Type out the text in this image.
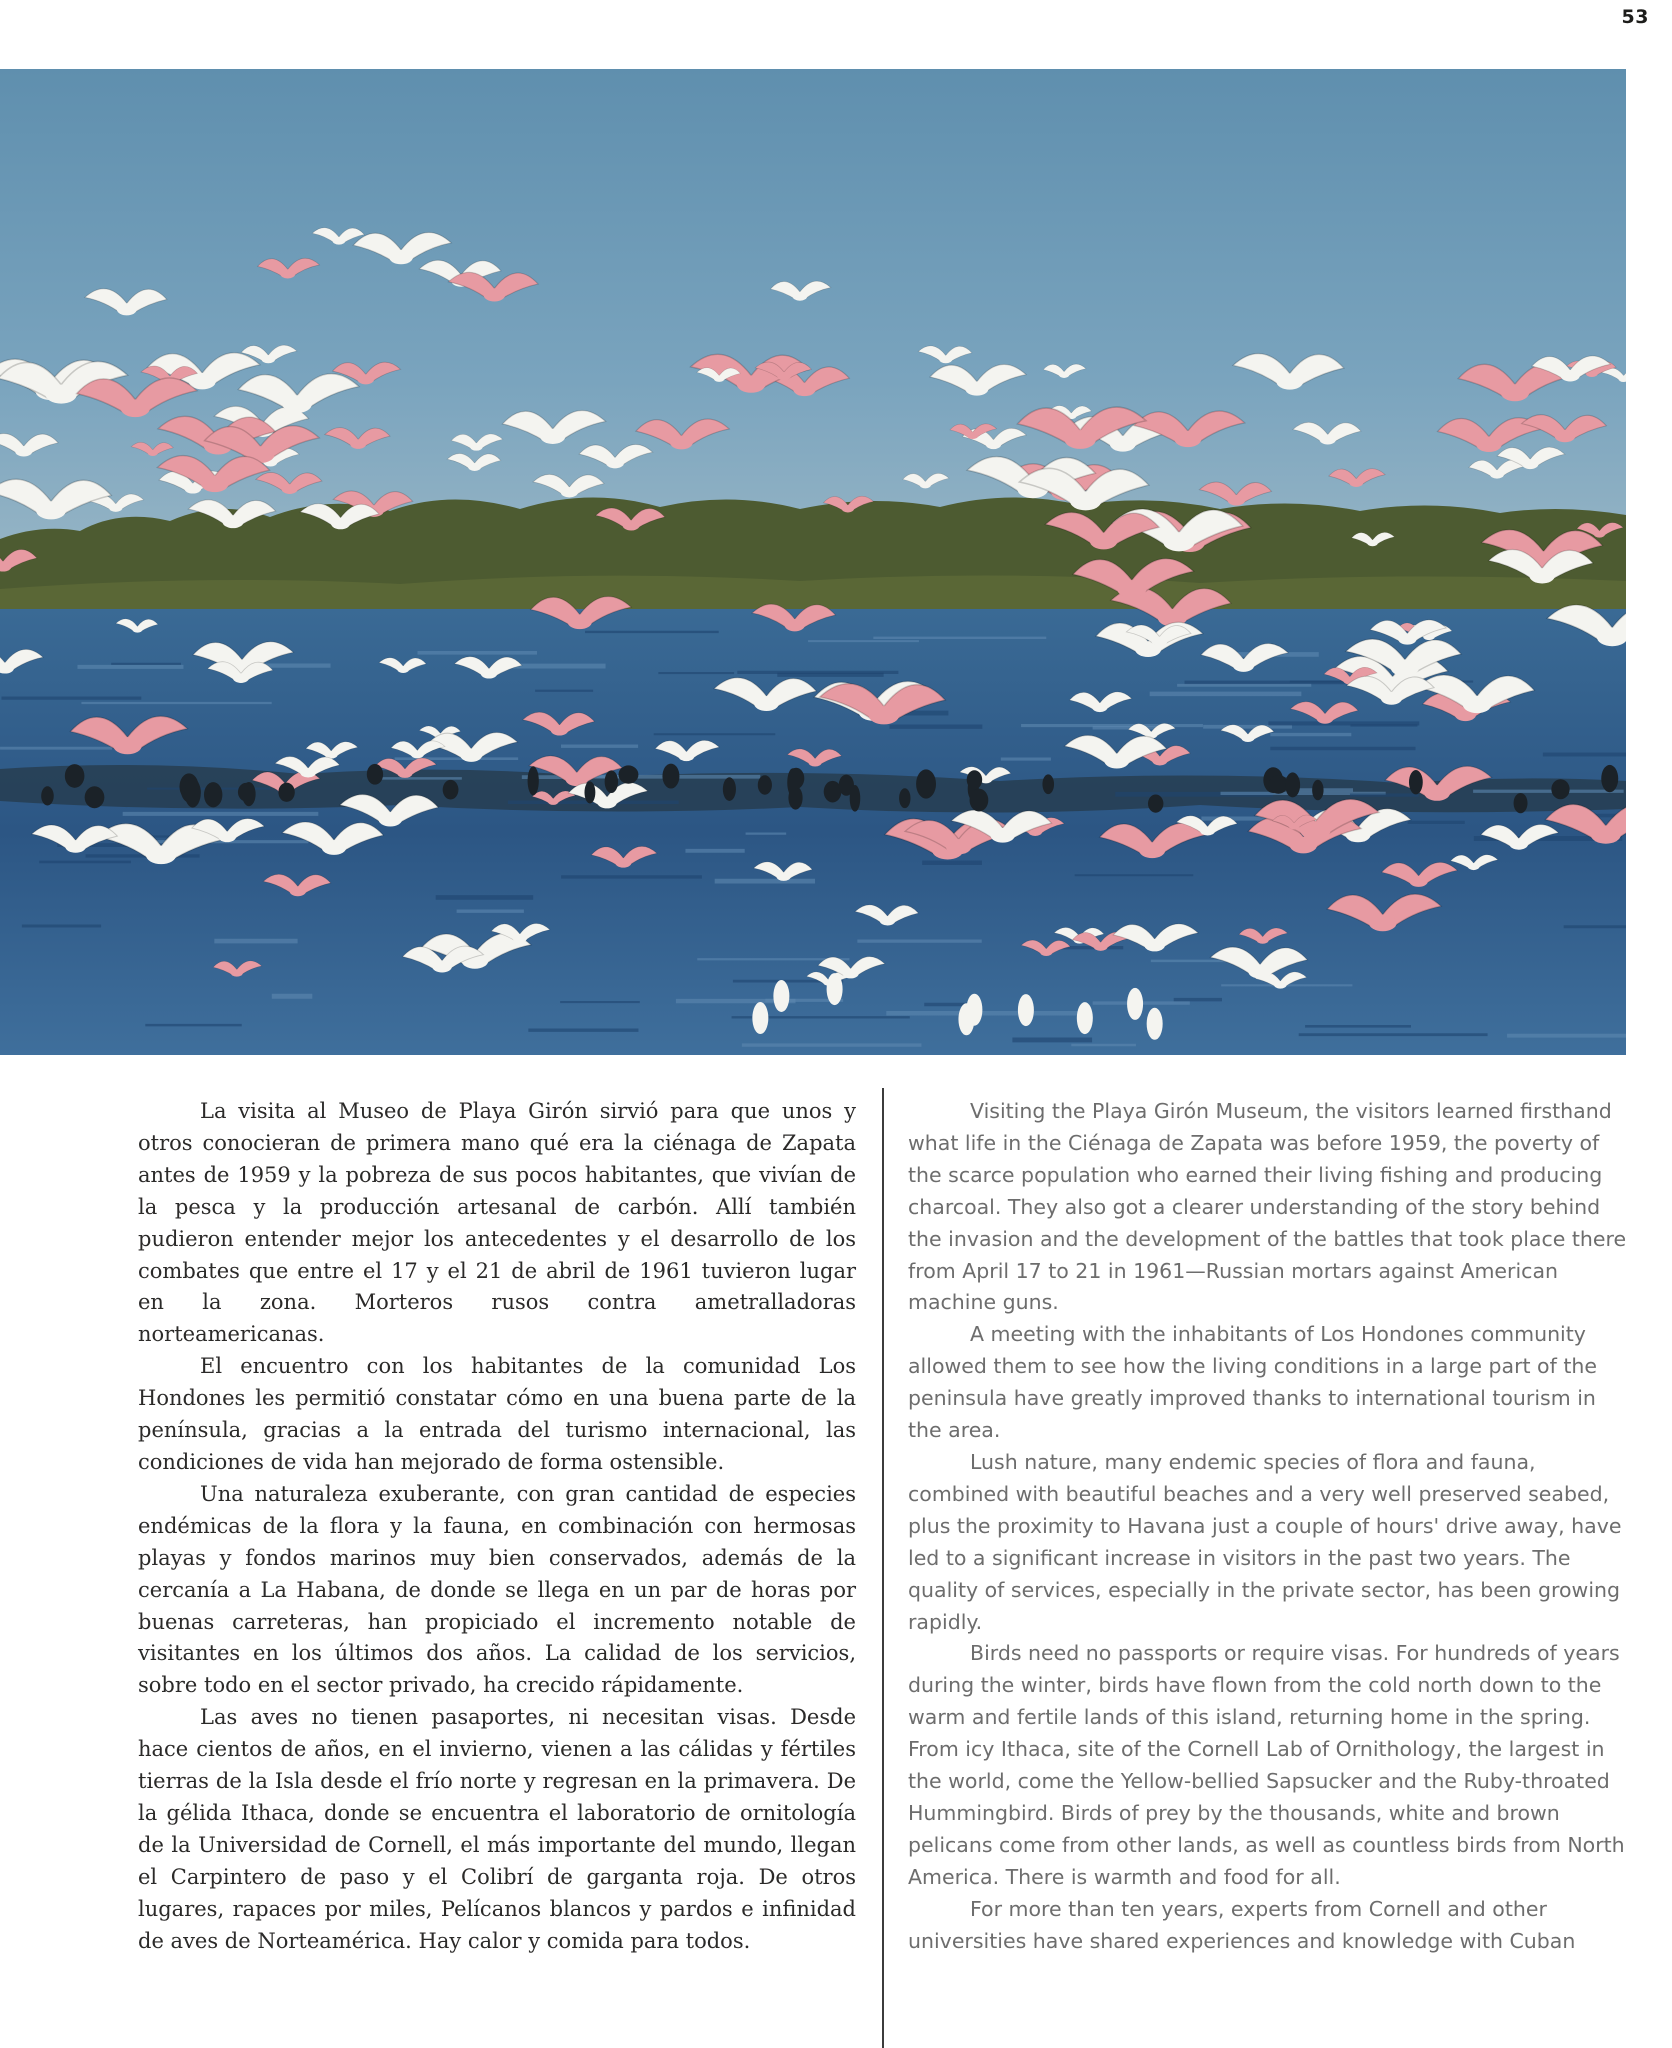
53

La visita al Museo de Playa Girón sirvió para que unos y otros conocieran de primera mano qué era la ciénaga de Zapata antes de 1959 y la pobreza de sus pocos habitantes, que vivían de la pesca y la producción artesanal de carbón. Allí también pudieron entender mejor los antecedentes y el desarrollo de los combates que entre el 17 y el 21 de abril de 1961 tuvieron lugar en la zona. Morteros rusos contra ametralladoras norteamericanas.

El encuentro con los habitantes de la comunidad Los Hondones les permitió constatar cómo en una buena parte de la península, gracias a la entrada del turismo internacional, las condiciones de vida han mejorado de forma ostensible.

Una naturaleza exuberante, con gran cantidad de especies endémicas de la flora y la fauna, en combinación con hermosas playas y fondos marinos muy bien conservados, además de la cercanía a La Habana, de donde se llega en un par de horas por buenas carreteras, han propiciado el incremento notable de visitantes en los últimos dos años. La calidad de los servicios, sobre todo en el sector privado, ha crecido rápidamente.

Las aves no tienen pasaportes, ni necesitan visas. Desde hace cientos de años, en el invierno, vienen a las cálidas y fértiles tierras de la Isla desde el frío norte y regresan en la primavera. De la gélida Ithaca, donde se encuentra el laboratorio de ornitología de la Universidad de Cornell, el más importante del mundo, llegan el Carpintero de paso y el Colibrí de garganta roja. De otros lugares, rapaces por miles, Pelícanos blancos y pardos e infinidad de aves de Norteamérica. Hay calor y comida para todos.

Visiting the Playa Girón Museum, the visitors learned firsthand what life in the Ciénaga de Zapata was before 1959, the poverty of the scarce population who earned their living fishing and producing charcoal. They also got a clearer understanding of the story behind the invasion and the development of the battles that took place there from April 17 to 21 in 1961—Russian mortars against American machine guns.

A meeting with the inhabitants of Los Hondones community allowed them to see how the living conditions in a large part of the peninsula have greatly improved thanks to international tourism in the area.

Lush nature, many endemic species of flora and fauna, combined with beautiful beaches and a very well preserved seabed, plus the proximity to Havana just a couple of hours' drive away, have led to a significant increase in visitors in the past two years. The quality of services, especially in the private sector, has been growing rapidly.

Birds need no passports or require visas. For hundreds of years during the winter, birds have flown from the cold north down to the warm and fertile lands of this island, returning home in the spring. From icy Ithaca, site of the Cornell Lab of Ornithology, the largest in the world, come the Yellow-bellied Sapsucker and the Ruby-throated Hummingbird. Birds of prey by the thousands, white and brown pelicans come from other lands, as well as countless birds from North America. There is warmth and food for all.

For more than ten years, experts from Cornell and other universities have shared experiences and knowledge with Cuban
